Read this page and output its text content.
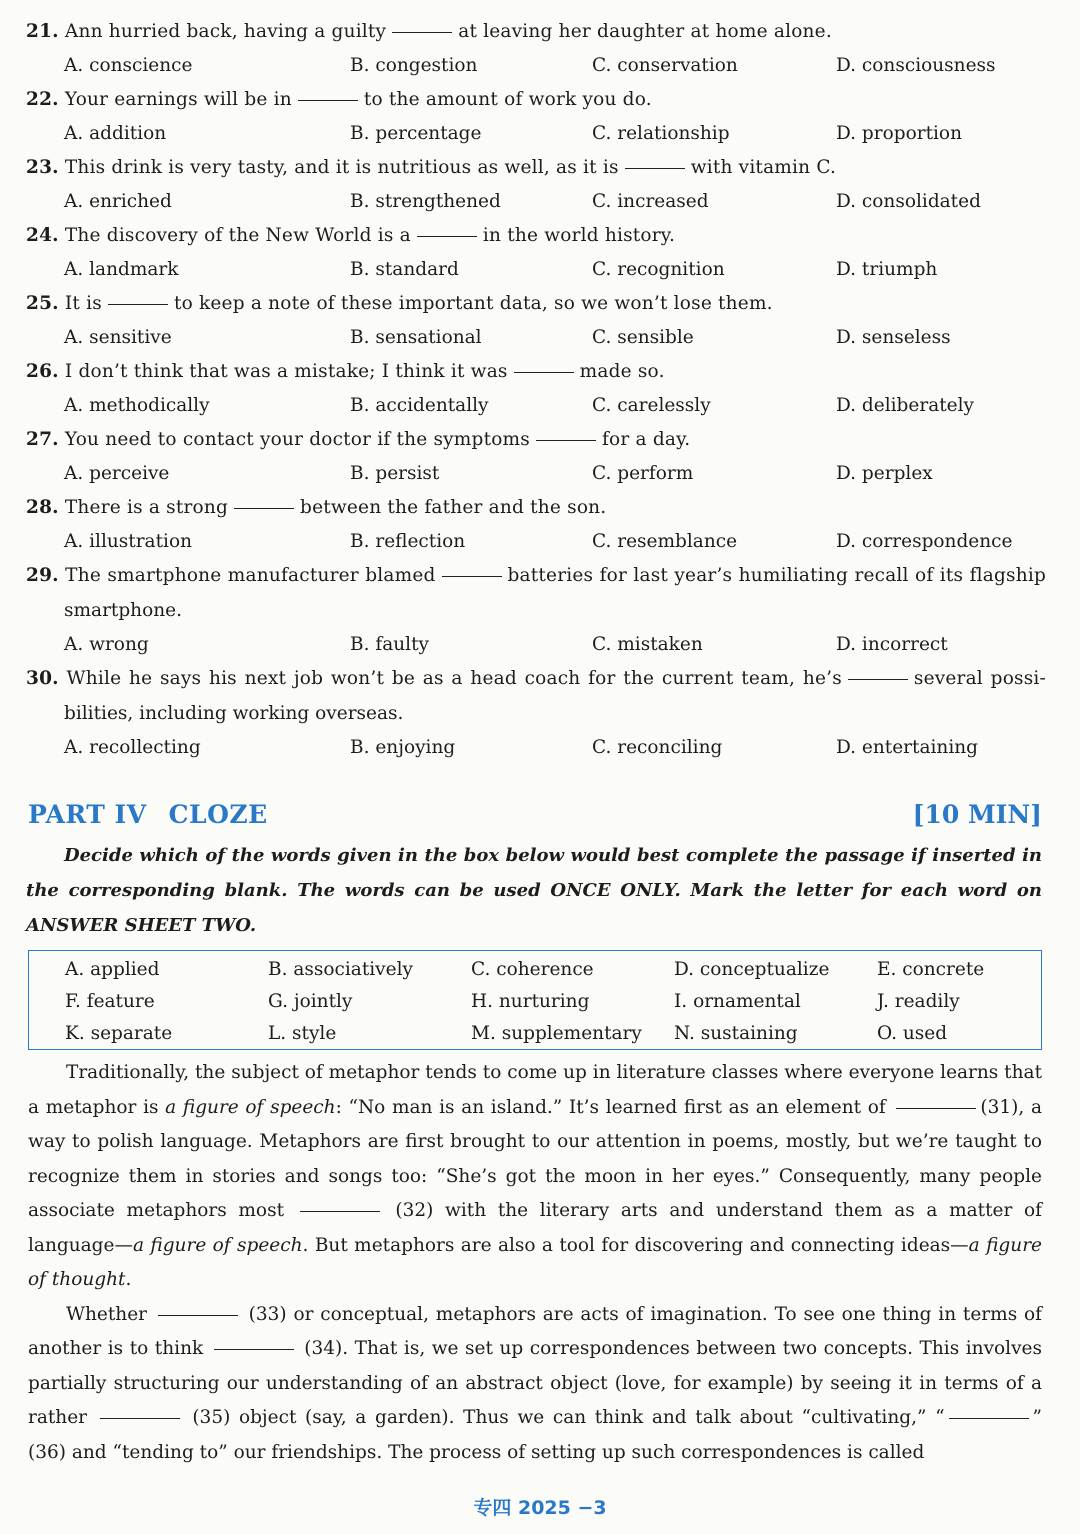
21. Ann hurried back, having a guilty	at leaving her daughter at home alone.
A. conscience	B. congestion	C. conservation	D. consciousness
22. Your earnings will be in	to the amount of work you do.
A. addition	B. percentage	C. relationship	D. proportion
23. This drink is very tasty, and it is nutritious as well, as it is	with vitamin C.
A. enriched	B. strengthened	C. increased	D. consolidated
24. The discovery of the New World is a	in the world history.
A. landmark	B. standard	C. recognition	D. triumph
25. It is	to keep a note of these important data, so we won’t lose them.
A. sensitive	B. sensational	C. sensible	D. senseless
26. I don’t think that was a mistake; I think it was	made so.
A. methodically	B. accidentally	C. carelessly	D. deliberately
27. You need to contact your doctor if the symptoms	for a day.
A. perceive	B. persist	C. perform	D. perplex
28. There is a strong	between the father and the son.
A. illustration	B. reflection	C. resemblance	D. correspondence
29. The smartphone manufacturer blamed	batteries for last year’s humiliating recall of its flagship
smartphone.
A. wrong	B. faulty	C. mistaken	D. incorrect
30. While he says his next job won’t be as a head coach for the current team, he’s	several possi-
bilities, including working overseas.
A. recollecting	B. enjoying	C. reconciling	D. entertaining
PART IV CLOZE	[10 MIN]
Decide which of the words given in the box below would best complete the passage if inserted in the corresponding blank. The words can be used ONCE ONLY. Mark the letter for each word on ANSWER SHEET TWO.
A. applied	B. associatively	C. coherence	D. conceptualize	E. concrete
F. feature	G. jointly	H. nurturing	I. ornamental	J. readily
K. separate	L. style	M. supplementary N. sustaining	O. used

Traditionally, the subject of metaphor tends to come up in literature classes where everyone learns that a metaphor is a figure of speech: “No man is an island.” It’s learned first as an element of	(31), a way to polish language. Metaphors are first brought to our attention in poems, mostly, but we’re taught to recognize them in stories and songs too: “She’s got the moon in her eyes.” Consequently, many people associate metaphors most	(32) with the literary arts and understand them as a matter of language—a figure of speech. But metaphors are also a tool for discovering and connecting ideas—a figure of thought.

Whether	(33) or conceptual, metaphors are acts of imagination. To see one thing in terms of another is to think	(34). That is, we set up correspondences between two concepts. This involves partially structuring our understanding of an abstract object (love, for example) by seeing it in terms of a rather	(35) object (say, a garden). Thus we can think and talk about “cultivating,” “	” (36) and “tending to” our friendships. The process of setting up such correspondences is called

专四 2025 −3
